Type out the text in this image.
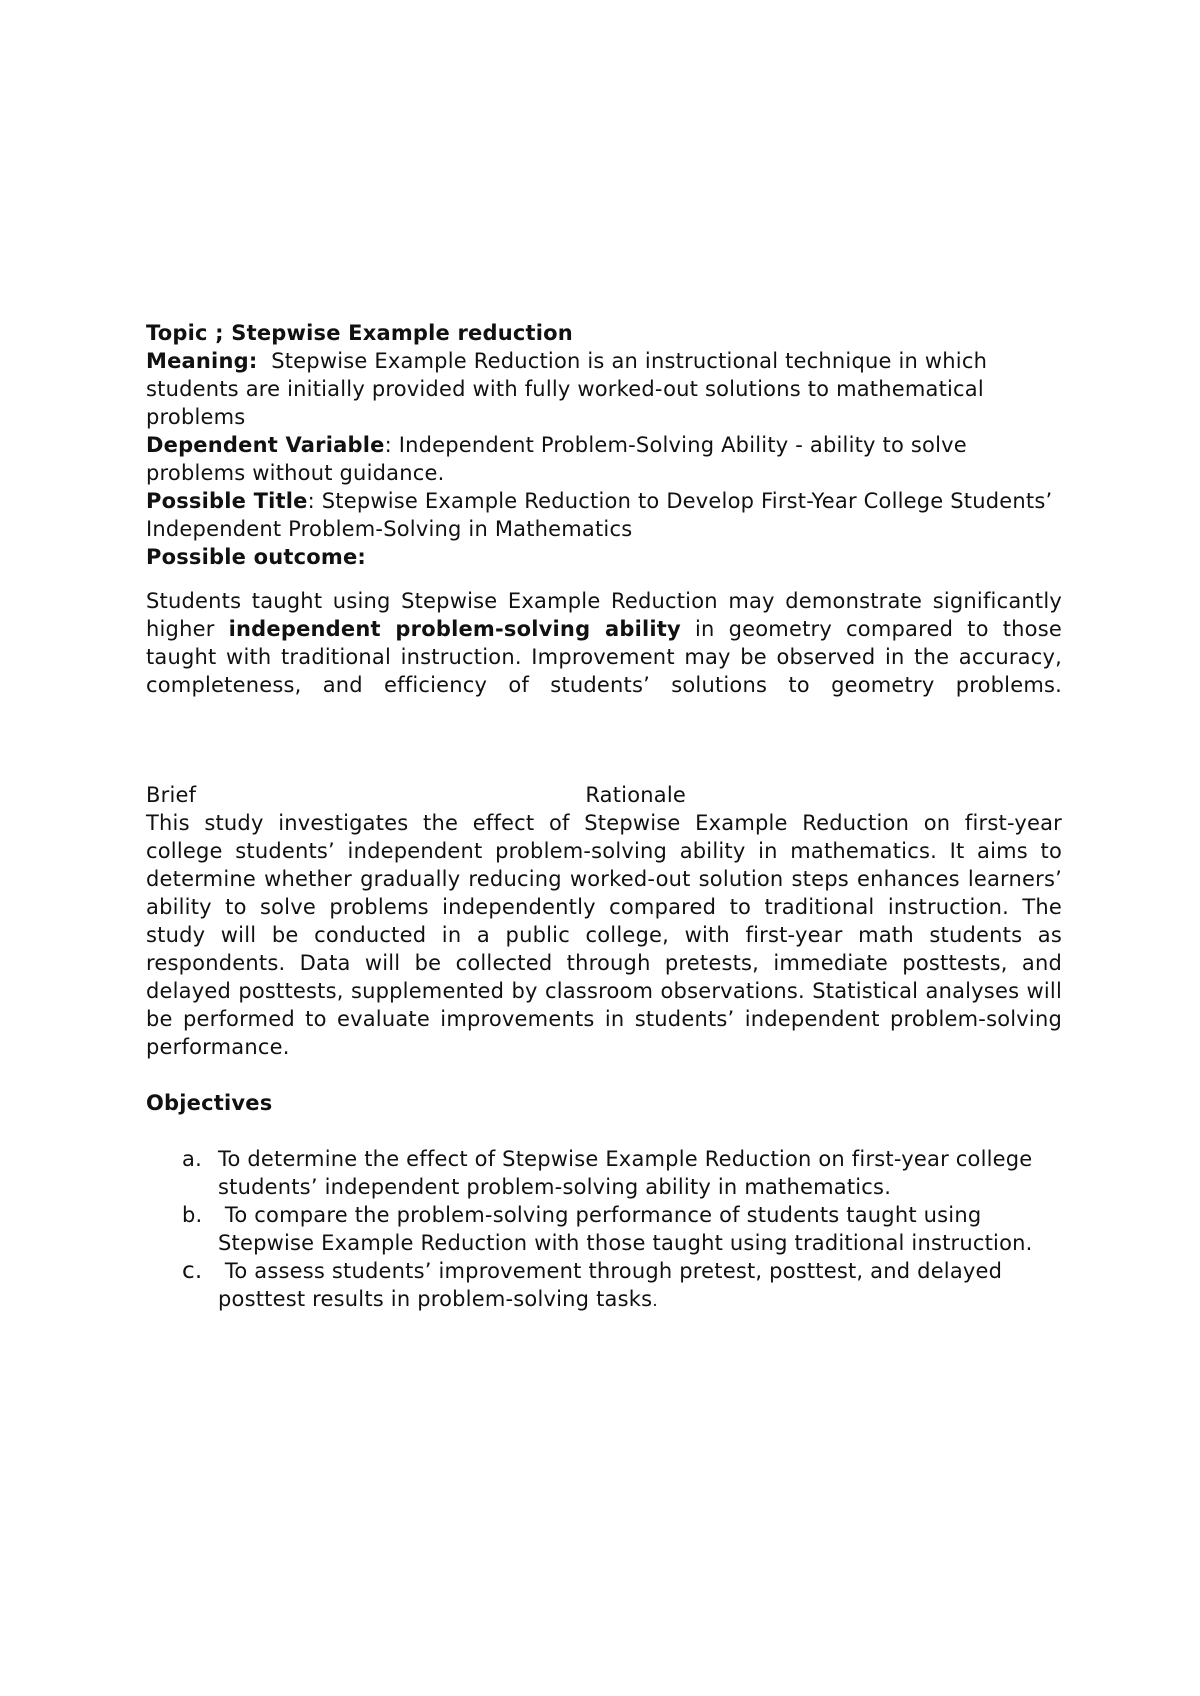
Topic ; Stepwise Example reduction

Meaning:  Stepwise Example Reduction is an instructional technique in which students are initially provided with fully worked-out solutions to mathematical problems

Dependent Variable: Independent Problem-Solving Ability - ability to solve problems without guidance.

Possible Title: Stepwise Example Reduction to Develop First-Year College Students’ Independent Problem-Solving in Mathematics

Possible outcome:

Students taught using Stepwise Example Reduction may demonstrate significantly higher independent problem-solving ability in geometry compared to those taught with traditional instruction. Improvement may be observed in the accuracy, completeness, and efficiency of students’ solutions to geometry problems.

Brief	Rationale

This study investigates the effect of Stepwise Example Reduction on first-year college students’ independent problem-solving ability in mathematics. It aims to determine whether gradually reducing worked-out solution steps enhances learners’ ability to solve problems independently compared to traditional instruction. The study will be conducted in a public college, with first-year math students as respondents. Data will be collected through pretests, immediate posttests, and delayed posttests, supplemented by classroom observations. Statistical analyses will be performed to evaluate improvements in students’ independent problem-solving performance.

Objectives

a. To determine the effect of Stepwise Example Reduction on first-year college students’ independent problem-solving ability in mathematics.
b. To compare the problem-solving performance of students taught using Stepwise Example Reduction with those taught using traditional instruction.
c. To assess students’ improvement through pretest, posttest, and delayed posttest results in problem-solving tasks.
